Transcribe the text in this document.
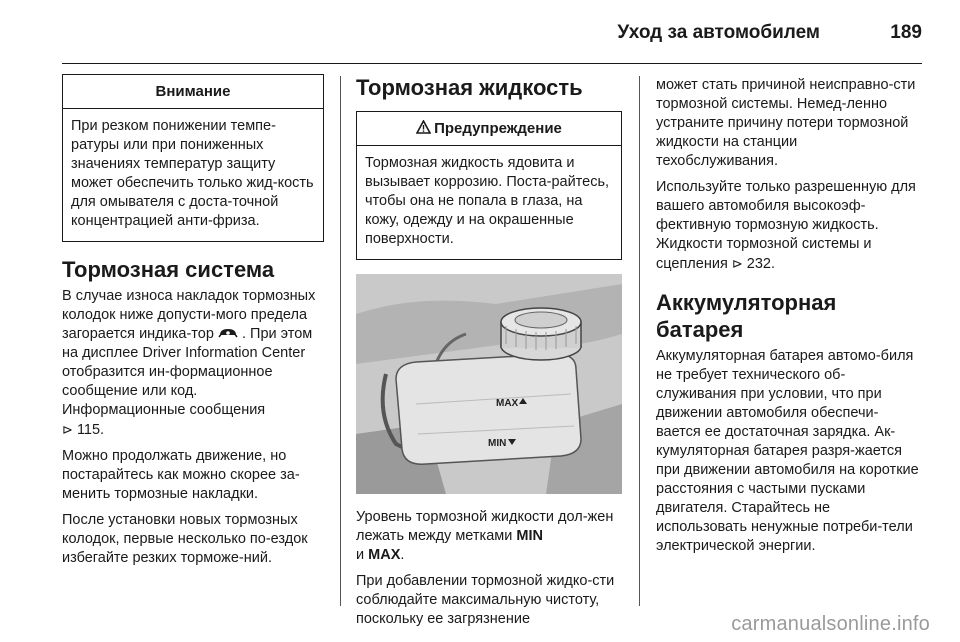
Уход за автомобилем	189
Внимание
При резком понижении темпе-ратуры или при пониженных значениях температур защиту может обеспечить только жид-кость для омывателя с доста-точной концентрацией анти-фриза.
Тормозная система

В случае износа накладок тормозных колодок ниже допусти-мого предела загорается индика-тор . При этом на дисплее Driver Information Center отобразится ин-формационное сообщение или код. Информационные сообщения
⊳ 115.

Можно продолжать движение, но постарайтесь как можно скорее за-менить тормозные накладки.

После установки новых тормозных колодок, первые несколько по-ездок избегайте резких торможе-ний.

Тормозная жидкость
Предупреждение
Тормозная жидкость ядовита и вызывает коррозию. Поста-райтесь, чтобы она не попала в глаза, на кожу, одежду и на окрашенные поверхности.
MAX
MIN

Уровень тормозной жидкости дол-жен лежать между метками MIN
и MAX.

При добавлении тормозной жидко-сти соблюдайте максимальную чистоту, поскольку ее загрязнение

может стать причиной неисправно-сти тормозной системы. Немед-ленно устраните причину потери тормозной жидкости на станции техобслуживания.

Используйте только разрешенную для вашего автомобиля высокоэф-фективную тормозную жидкость. Жидкости тормозной системы и сцепления ⊳ 232.

Аккумуляторная батарея

Аккумуляторная батарея автомо-биля не требует технического об-служивания при условии, что при движении автомобиля обеспечи-вается ее достаточная зарядка. Ак-кумуляторная батарея разря-жается при движении автомобиля на короткие расстояния с частыми пусками двигателя. Старайтесь не использовать ненужные потреби-тели электрической энергии.

carmanualsonline.info
